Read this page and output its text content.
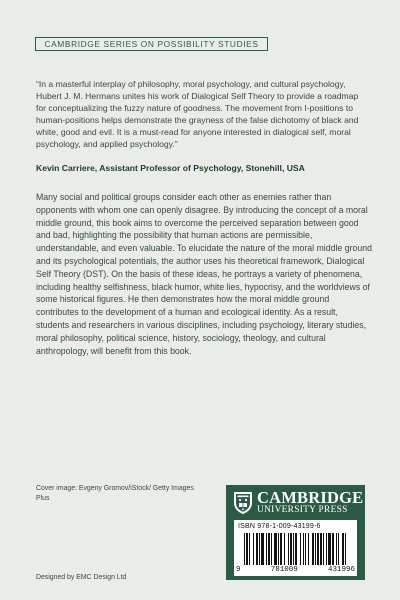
CAMBRIDGE SERIES ON POSSIBILITY STUDIES
“In a masterful interplay of philosophy, moral psychology, and cultural psychology, Hubert J. M. Hermans unites his work of Dialogical Self Theory to provide a roadmap for conceptualizing the fuzzy nature of goodness. The movement from I-positions to human-positions helps demonstrate the grayness of the false dichotomy of black and white, good and evil. It is a must-read for anyone interested in dialogical self, moral psychology, and applied psychology.”
Kevin Carriere, Assistant Professor of Psychology, Stonehill, USA
Many social and political groups consider each other as enemies rather than opponents with whom one can openly disagree. By introducing the concept of a moral middle ground, this book aims to overcome the perceived separation between good and bad, highlighting the possibility that human actions are permissible, understandable, and even valuable. To elucidate the nature of the moral middle ground and its psychological potentials, the author uses his theoretical framework, Dialogical Self Theory (DST). On the basis of these ideas, he portrays a variety of phenomena, including healthy selfishness, black humor, white lies, hypocrisy, and the worldviews of some historical figures. He then demonstrates how the moral middle ground contributes to the development of a human and ecological identity. As a result, students and researchers in various disciplines, including psychology, literary studies, moral philosophy, political science, history, sociology, theology, and cultural anthropology, will benefit from this book.
Cover image: Evgeny Gromov/iStock/ Getty Images Plus
Designed by EMC Design Ltd
CAMBRIDGE
UNIVERSITY PRESS
ISBN 978-1-009-43199-6
9	781009	431996
